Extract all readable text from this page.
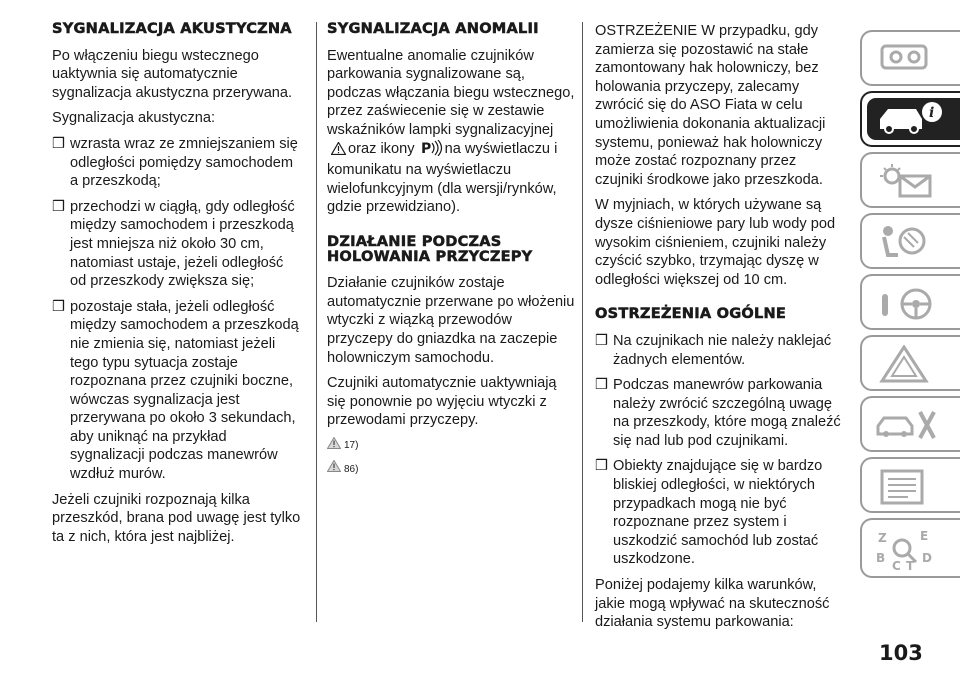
SYGNALIZACJA AKUSTYCZNA

Po włączeniu biegu wstecznego uaktywnia się automatycznie sygnalizacja akustyczna przerywana.

Sygnalizacja akustyczna:

❒ wzrasta wraz ze zmniejszaniem się odległości pomiędzy samochodem a przeszkodą;
❒ przechodzi w ciągłą, gdy odległość między samochodem i przeszkodą jest mniejsza niż około 30 cm, natomiast ustaje, jeżeli odległość od przeszkody zwiększa się;
❒ pozostaje stała, jeżeli odległość między samochodem a przeszkodą nie zmienia się, natomiast jeżeli tego typu sytuacja zostaje rozpoznana przez czujniki boczne, wówczas sygnalizacja jest przerywana po około 3 sekundach, aby uniknąć na przykład sygnalizacji podczas manewrów wzdłuż murów.

Jeżeli czujniki rozpoznają kilka przeszkód, brana pod uwagę jest tylko ta z nich, która jest najbliżej.

SYGNALIZACJA ANOMALII

Ewentualne anomalie czujników parkowania sygnalizowane są, podczas włączania biegu wstecznego, przez zaświecenie się w zestawie wskaźników lampki sygnalizacyjnej oraz ikony P na wyświetlaczu i komunikatu na wyświetlaczu wielofunkcyjnym (dla wersji/rynków, gdzie przewidziano).

DZIAŁANIE PODCZAS HOLOWANIA PRZYCZEPY

Działanie czujników zostaje automatycznie przerwane po włożeniu wtyczki z wiązką przewodów przyczepy do gniazdka na zaczepie holowniczym samochodu.

Czujniki automatycznie uaktywniają się ponownie po wyjęciu wtyczki z przewodami przyczepy.

17)
86)

OSTRZEŻENIE W przypadku, gdy zamierza się pozostawić na stałe zamontowany hak holowniczy, bez holowania przyczepy, zalecamy zwrócić się do ASO Fiata w celu umożliwienia dokonania aktualizacji systemu, ponieważ hak holowniczy może zostać rozpoznany przez czujniki środkowe jako przeszkoda.

W myjniach, w których używane są dysze ciśnieniowe pary lub wody pod wysokim ciśnieniem, czujniki należy czyścić szybko, trzymając dyszę w odległości większej od 10 cm.

OSTRZEŻENIA OGÓLNE
❒ Na czujnikach nie należy naklejać żadnych elementów.
❒ Podczas manewrów parkowania należy zwrócić szczególną uwagę na przeszkody, które mogą znaleźć się nad lub pod czujnikami.
❒ Obiekty znajdujące się w bardzo bliskiej odległości, w niektórych przypadkach mogą nie być rozpoznane przez system i uszkodzić samochód lub zostać uszkodzone.

Poniżej podajemy kilka warunków, jakie mogą wpływać na skuteczność działania systemu parkowania:

i
Z	E
B	D
C T
103
